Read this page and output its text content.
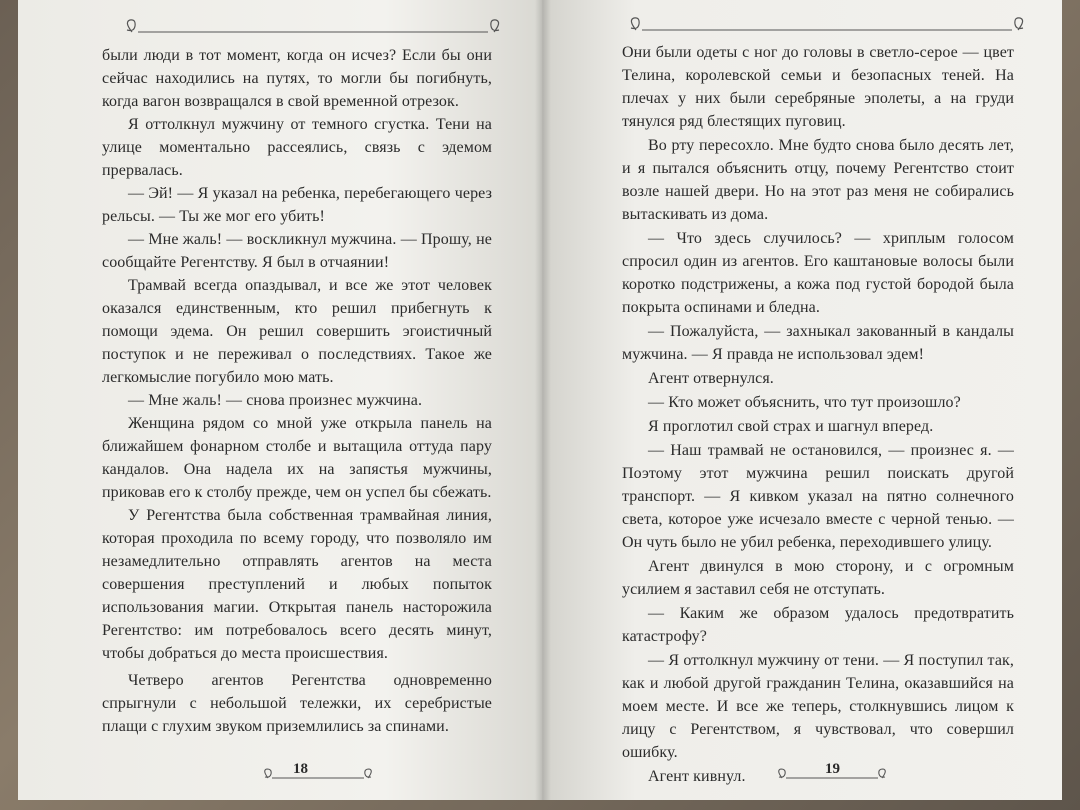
были люди в тот момент, когда он исчез? Если бы они сейчас находились на путях, то могли бы погибнуть, когда вагон возвращался в свой временной отрезок.

Я оттолкнул мужчину от темного сгустка. Тени на улице моментально рассеялись, связь с эдемом прервалась.

— Эй! — Я указал на ребенка, перебегающего через рельсы. — Ты же мог его убить!

— Мне жаль! — воскликнул мужчина. — Прошу, не сообщайте Регентству. Я был в отчаянии!

Трамвай всегда опаздывал, и все же этот человек оказался единственным, кто решил прибегнуть к помощи эдема. Он решил совершить эгоистичный поступок и не переживал о последствиях. Такое же легкомыслие погубило мою мать.

— Мне жаль! — снова произнес мужчина.

Женщина рядом со мной уже открыла панель на ближайшем фонарном столбе и вытащила оттуда пару кандалов. Она надела их на запястья мужчины, приковав его к столбу прежде, чем он успел бы сбежать.

У Регентства была собственная трамвайная линия, которая проходила по всему городу, что позволяло им незамедлительно отправлять агентов на места совершения преступлений и любых попыток использования магии. Открытая панель насторожила Регентство: им потребовалось всего десять минут, чтобы добраться до места происшествия.

Четверо агентов Регентства одновременно спрыгнули с небольшой тележки, их серебристые плащи с глухим звуком приземлились за спинами.

18

Они были одеты с ног до головы в светло-серое — цвет Телина, королевской семьи и безопасных теней. На плечах у них были серебряные эполеты, а на груди тянулся ряд блестящих пуговиц.

Во рту пересохло. Мне будто снова было десять лет, и я пытался объяснить отцу, почему Регентство стоит возле нашей двери. Но на этот раз меня не собирались вытаскивать из дома.

— Что здесь случилось? — хриплым голосом спросил один из агентов. Его каштановые волосы были коротко подстрижены, а кожа под густой бородой была покрыта оспинами и бледна.

— Пожалуйста, — захныкал закованный в кандалы мужчина. — Я правда не использовал эдем!

Агент отвернулся.

— Кто может объяснить, что тут произошло?

Я проглотил свой страх и шагнул вперед.

— Наш трамвай не остановился, — произнес я. — Поэтому этот мужчина решил поискать другой транспорт. — Я кивком указал на пятно солнечного света, которое уже исчезало вместе с черной тенью. — Он чуть было не убил ребенка, переходившего улицу.

Агент двинулся в мою сторону, и с огромным усилием я заставил себя не отступать.

— Каким же образом удалось предотвратить катастрофу?

— Я оттолкнул мужчину от тени. — Я поступил так, как и любой другой гражданин Телина, оказавшийся на моем месте. И все же теперь, столкнувшись лицом к лицу с Регентством, я чувствовал, что совершил ошибку.

Агент кивнул.	19
